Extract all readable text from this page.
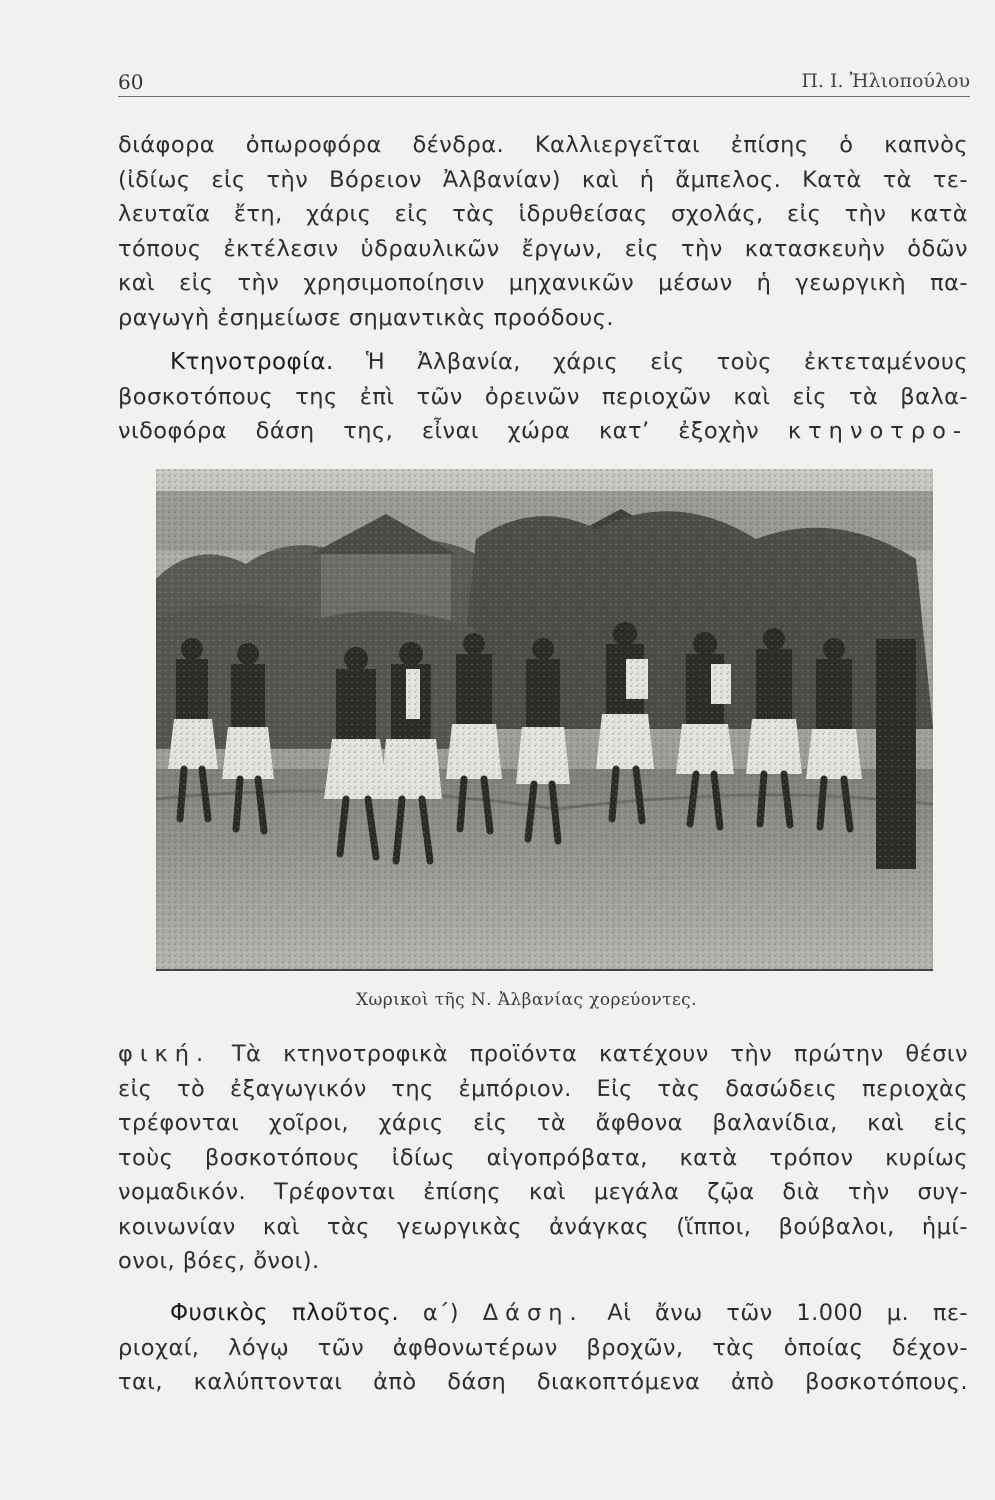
60	Π. Ι. Ἠλιοπούλου
διάφορα ὀπωροφόρα δένδρα. Καλλιεργεῖται ἐπίσης ὁ καπνὸς
(ἰδίως εἰς τὴν Βόρειον Ἀλβανίαν) καὶ ἡ ἄμπελος. Κατὰ τὰ τε-
λευταῖα ἔτη, χάρις εἰς τὰς ἱδρυθείσας σχολάς, εἰς τὴν κατὰ
τόπους ἐκτέλεσιν ὑδραυλικῶν ἔργων, εἰς τὴν κατασκευὴν ὁδῶν
καὶ εἰς τὴν χρησιμοποίησιν μηχανικῶν μέσων ἡ γεωργικὴ πα-
ραγωγὴ ἐσημείωσε σημαντικὰς προόδους.
Κτηνοτροφία. Ἡ Ἀλβανία, χάρις εἰς τοὺς ἐκτεταμένους
βοσκοτόπους της ἐπὶ τῶν ὀρεινῶν περιοχῶν καὶ εἰς τὰ βαλα-
νιδοφόρα δάση της, εἶναι χώρα κατ’ ἐξοχὴν κτηνοτρο-
Χωρικοὶ τῆς Ν. Ἀλβανίας χορεύοντες.
φική. Τὰ κτηνοτροφικὰ προϊόντα κατέχουν τὴν πρώτην θέσιν
εἰς τὸ ἐξαγωγικόν της ἐμπόριον. Εἰς τὰς δασώδεις περιοχὰς
τρέφονται χοῖροι, χάρις εἰς τὰ ἄφθονα βαλανίδια, καὶ εἰς
τοὺς βοσκοτόπους ἰδίως αἰγοπρόβατα, κατὰ τρόπον κυρίως
νομαδικόν. Τρέφονται ἐπίσης καὶ μεγάλα ζῷα διὰ τὴν συγ-
κοινωνίαν καὶ τὰς γεωργικὰς ἀνάγκας (ἵπποι, βούβαλοι, ἡμί-
ονοι, βόες, ὄνοι).
Φυσικὸς πλοῦτος. α΄) Δάση. Αἱ ἄνω τῶν 1.000 μ. πε-
ριοχαί, λόγῳ τῶν ἀφθονωτέρων βροχῶν, τὰς ὁποίας δέχον-
ται, καλύπτονται ἀπὸ δάση διακοπτόμενα ἀπὸ βοσκοτόπους.
